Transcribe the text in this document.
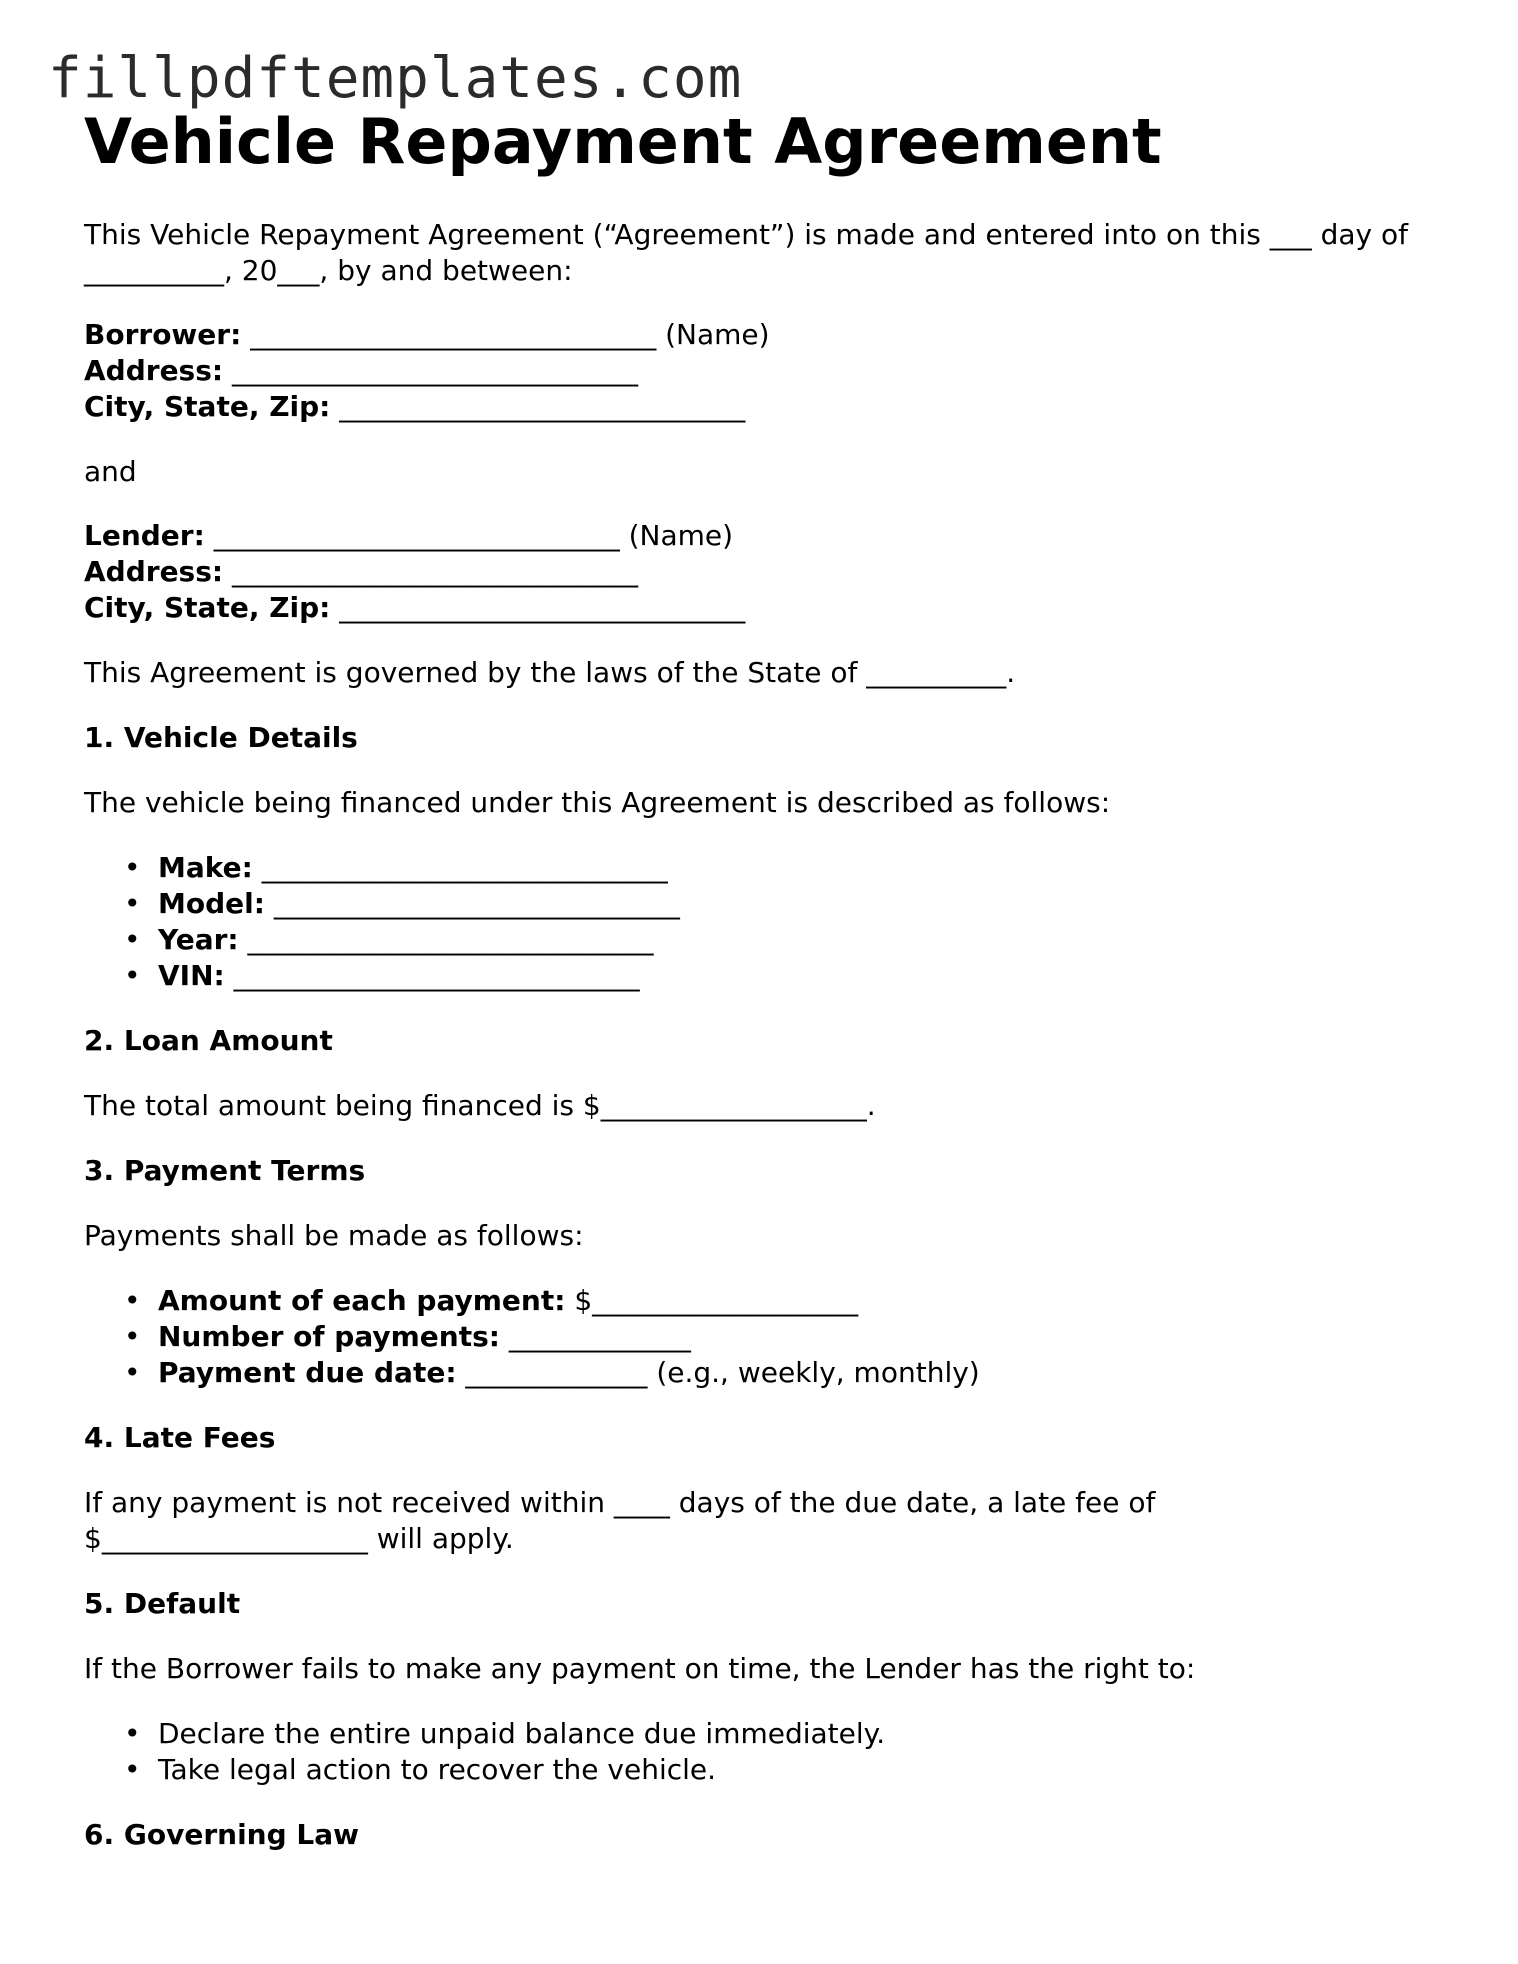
fillpdftemplates.com
Vehicle Repayment Agreement

This Vehicle Repayment Agreement (“Agreement”) is made and entered into on this ___ day of __________, 20___, by and between:

Borrower: _____________________________ (Name)

Address: _____________________________

City, State, Zip: _____________________________

and

Lender: _____________________________ (Name)

Address: _____________________________

City, State, Zip: _____________________________

This Agreement is governed by the laws of the State of __________.

1. Vehicle Details

The vehicle being financed under this Agreement is described as follows:

• Make: _____________________________
• Model: _____________________________
• Year: _____________________________
• VIN: _____________________________
2. Loan Amount

The total amount being financed is $___________________.

3. Payment Terms

Payments shall be made as follows:

• Amount of each payment: $___________________
• Number of payments: _____________
• Payment due date: _____________ (e.g., weekly, monthly)
4. Late Fees

If any payment is not received within ____ days of the due date, a late fee of $___________________ will apply.

5. Default

If the Borrower fails to make any payment on time, the Lender has the right to:

• Declare the entire unpaid balance due immediately.
• Take legal action to recover the vehicle.
6. Governing Law
